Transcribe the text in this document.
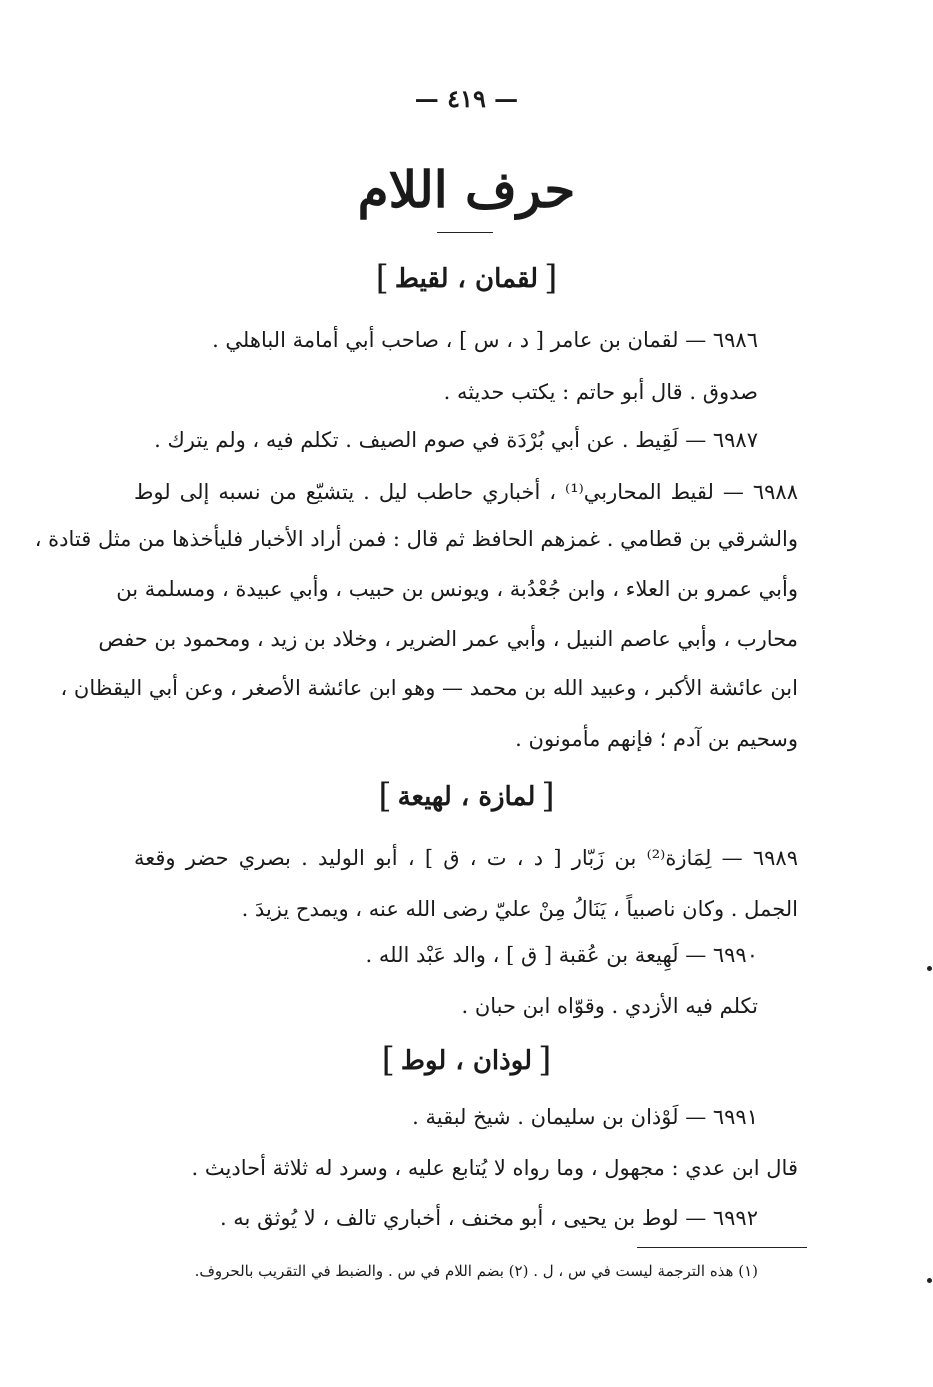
— ٤١٩ —
حرف اللام
[ لقمان ، لقيط ]
٦٩٨٦ — لقمان بن عامر [ د ، س ] ، صاحب أبي أمامة الباهلي .
صدوق . قال أبو حاتم : يكتب حديثه .
٦٩٨٧ — لَقِيط . عن أبي بُرْدَة في صوم الصيف . تكلم فيه ، ولم يترك .
٦٩٨٨ — لقيط المحاربي⁽¹⁾ ، أخباري حاطب ليل . يتشيّع من نسبه إلى لوط
والشرقي بن قطامي . غمزهم الحافظ ثم قال : فمن أراد الأخبار فليأخذها من مثل قتادة ،
وأبي عمرو بن العلاء ، وابن جُعْدُبة ، ويونس بن حبيب ، وأبي عبيدة ، ومسلمة بن
محارب ، وأبي عاصم النبيل ، وأبي عمر الضرير ، وخلاد بن زيد ، ومحمود بن حفص
ابن عائشة الأكبر ، وعبيد الله بن محمد — وهو ابن عائشة الأصغر ، وعن أبي اليقظان ،
وسحيم بن آدم ؛ فإنهم مأمونون .
[ لمازة ، لهيعة ]
٦٩٨٩ — لِمَازة⁽²⁾ بن زَبّار [ د ، ت ، ق ] ، أبو الوليد . بصري حضر وقعة
الجمل . وكان ناصبياً ، يَنَالُ مِنْ عليّ رضى الله عنه ، ويمدح يزيدَ .
٦٩٩٠ — لَهِيعة بن عُقبة [ ق ] ، والد عَبْد الله .
تكلم فيه الأزدي . وقوّاه ابن حبان .
[ لوذان ، لوط ]
٦٩٩١ — لَوْذان بن سليمان . شيخ لبقية .
قال ابن عدي : مجهول ، وما رواه لا يُتابع عليه ، وسرد له ثلاثة أحاديث .
٦٩٩٢ — لوط بن يحيى ، أبو مخنف ، أخباري تالف ، لا يُوثق به .
(١) هذه الترجمة ليست في س ، ل . (٢) بضم اللام في س . والضبط في التقريب بالحروف.
